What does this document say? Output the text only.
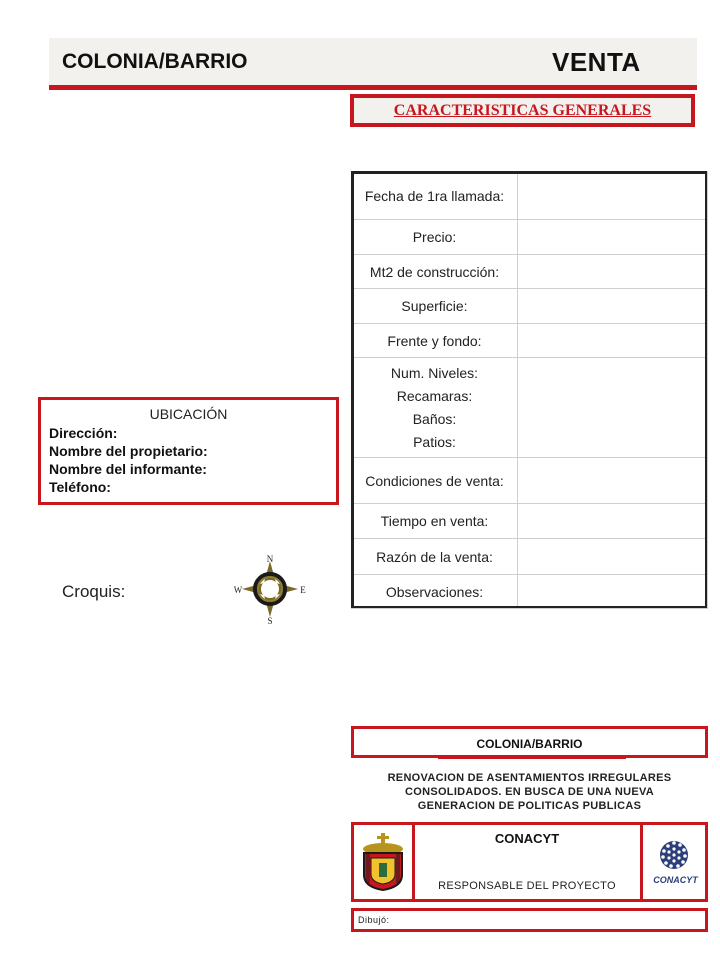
COLONIA/BARRIO	VENTA
CARACTERISTICAS GENERALES
Fecha de 1ra llamada:	
Precio:	
Mt2 de construcción:	
Superficie:	
Frente y fondo:	

Num. Niveles:

Recamaras:

Baños:

Patios:	

Condiciones de venta:	
Tiempo en venta:	
Razón de la venta:	
Observaciones:	
UBICACIÓN
Dirección:
Nombre del propietario:
Nombre del informante:
Teléfono:
Croquis:
N
S
E
W
COLONIA/BARRIO
RENOVACION DE ASENTAMIENTOS IRREGULARES
CONSOLIDADOS. EN BUSCA DE UNA NUEVA
GENERACION DE POLITICAS PUBLICAS
CONACYT
RESPONSABLE DEL PROYECTO	CONACYT
Dibujó:
